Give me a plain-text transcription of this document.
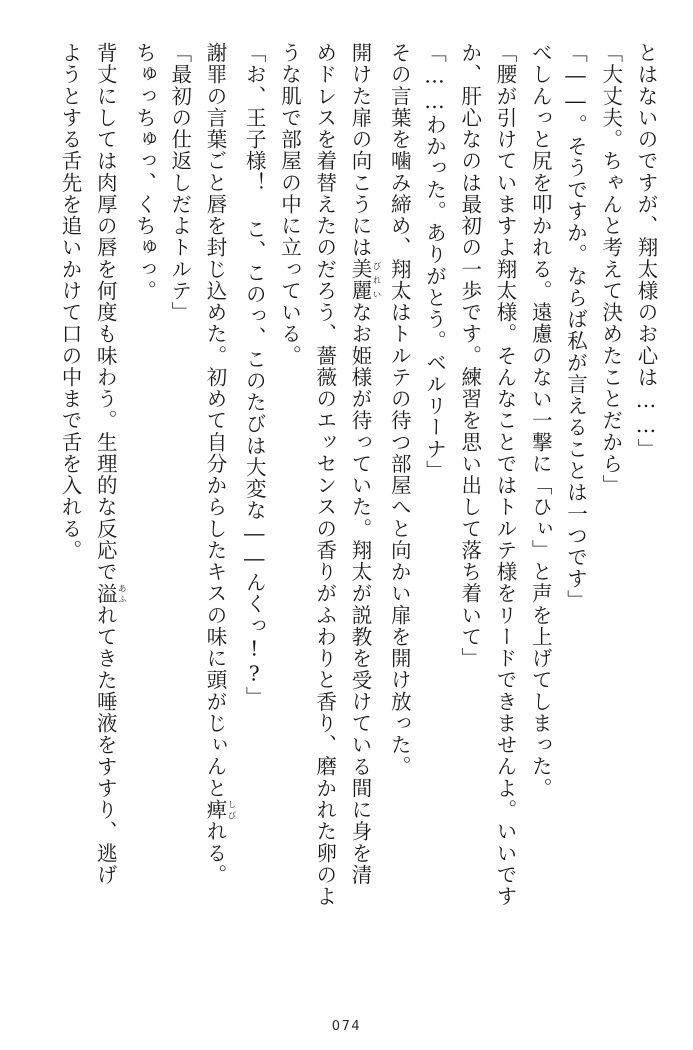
とはないのですが、翔太様のお心は……」

「大丈夫。ちゃんと考えて決めたことだから」

「――。そうですか。ならば私が言えることは一つです」

べしんっと尻を叩かれる。遠慮のない一撃に「ひぃ」と声を上げてしまった。

「腰が引けていますよ翔太様。そんなことではトルテ様をリードできませんよ。いいです

か、肝心なのは最初の一歩です。練習を思い出して落ち着いて」

「……わかった。ありがとう。ベルリーナ」

その言葉を噛み締め、翔太はトルテの待つ部屋へと向かい扉を開け放った。

開けた扉の向こうには美麗 びれいなお姫様が待っていた。翔太が説教を受けている間に身を清

めドレスを着替えたのだろう、薔薇のエッセンスの香りがふわりと香り、磨かれた卵のよ

うな肌で部屋の中に立っている。

「お、王子様！ こ、このっ、このたびは大変な――んくっ!?」

謝罪の言葉ごと唇を封じ込めた。初めて自分からしたキスの味に頭がじぃんと痺 しびれる。

「最初の仕返しだよトルテ」

ちゅっちゅっ、くちゅっ。

背丈にしては肉厚の唇を何度も味わう。生理的な反応で溢 あふれてきた唾液をすすり、逃げ

ようとする舌先を追いかけて口の中まで舌を入れる。

074
